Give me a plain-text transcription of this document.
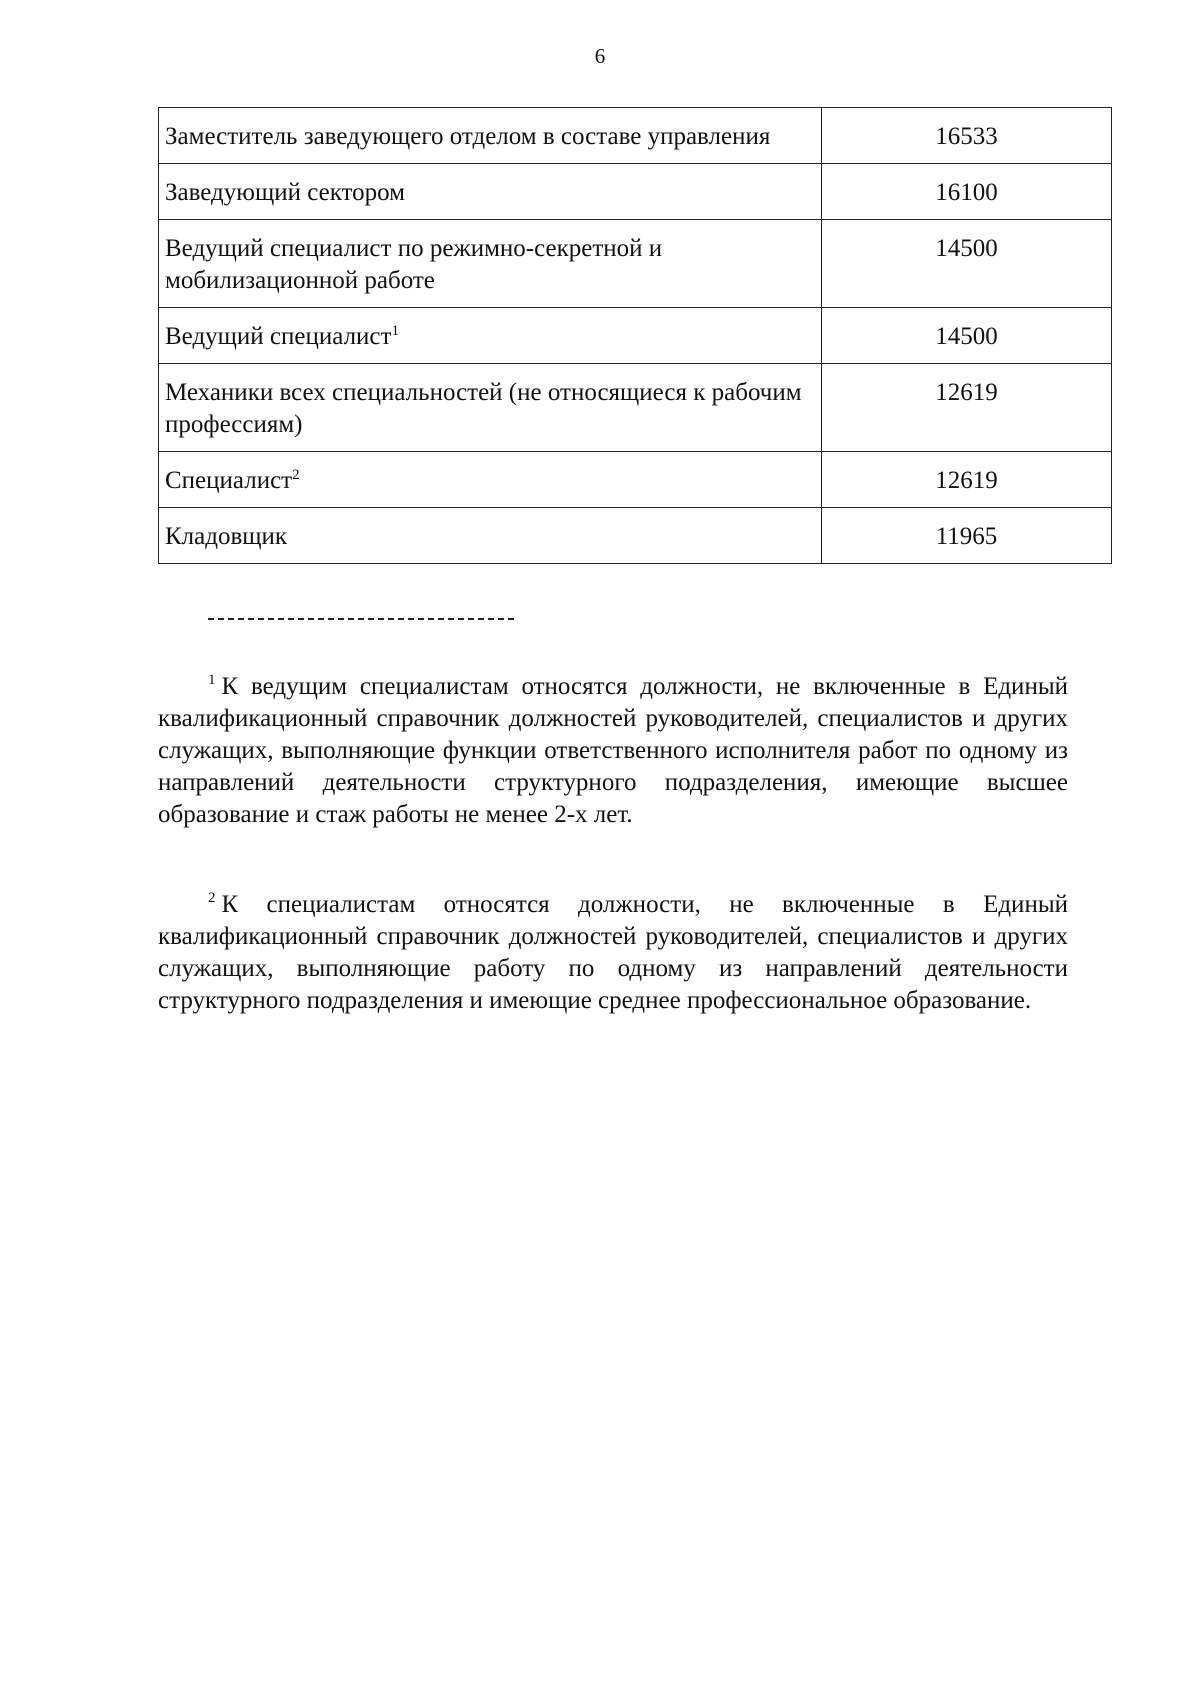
6
Заместитель заведующего отделом в составе управления	16533
Заведующий сектором	16100
Ведущий специалист по режимно-секретной и мобилизационной работе	14500
Ведущий специалист$^1$	14500
Механики всех специальностей (не относящиеся к рабочим профессиям)	12619
Специалист$^2$	12619
Кладовщик	11965

$^1$ К ведущим специалистам относятся должности, не включенные в Единый квалификационный справочник должностей руководителей, специалистов и других служащих, выполняющие функции ответственного исполнителя работ по одному из направлений деятельности структурного подразделения, имеющие высшее образование и стаж работы не менее 2-х лет.

$^2$ К специалистам относятся должности, не включенные в Единый квалификационный справочник должностей руководителей, специалистов и других служащих, выполняющие работу по одному из направлений деятельности структурного подразделения и имеющие среднее профессиональное образование.
